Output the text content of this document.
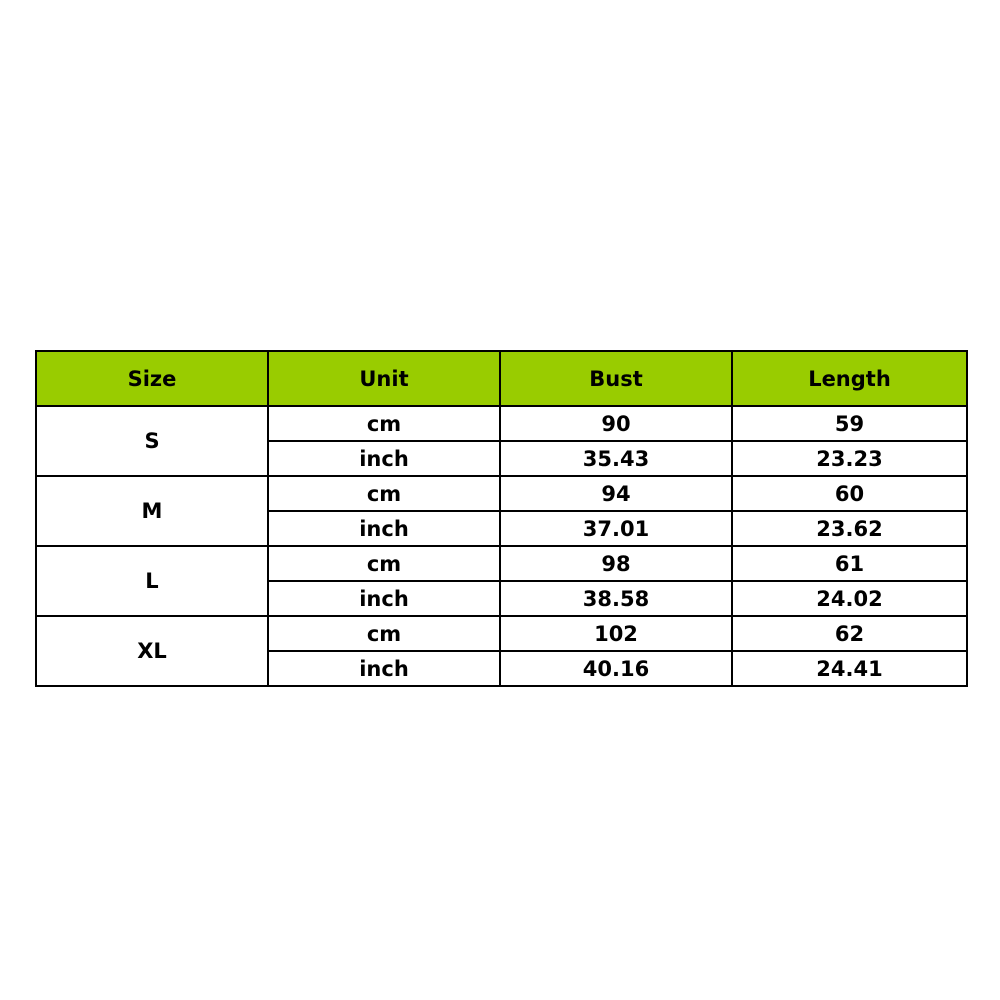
Size	Unit	Bust	Length
S	cm	90	59
	inch	35.43	23.23
M	cm	94	60
	inch	37.01	23.62
L	cm	98	61
	inch	38.58	24.02
XL	cm	102	62
	inch	40.16	24.41
